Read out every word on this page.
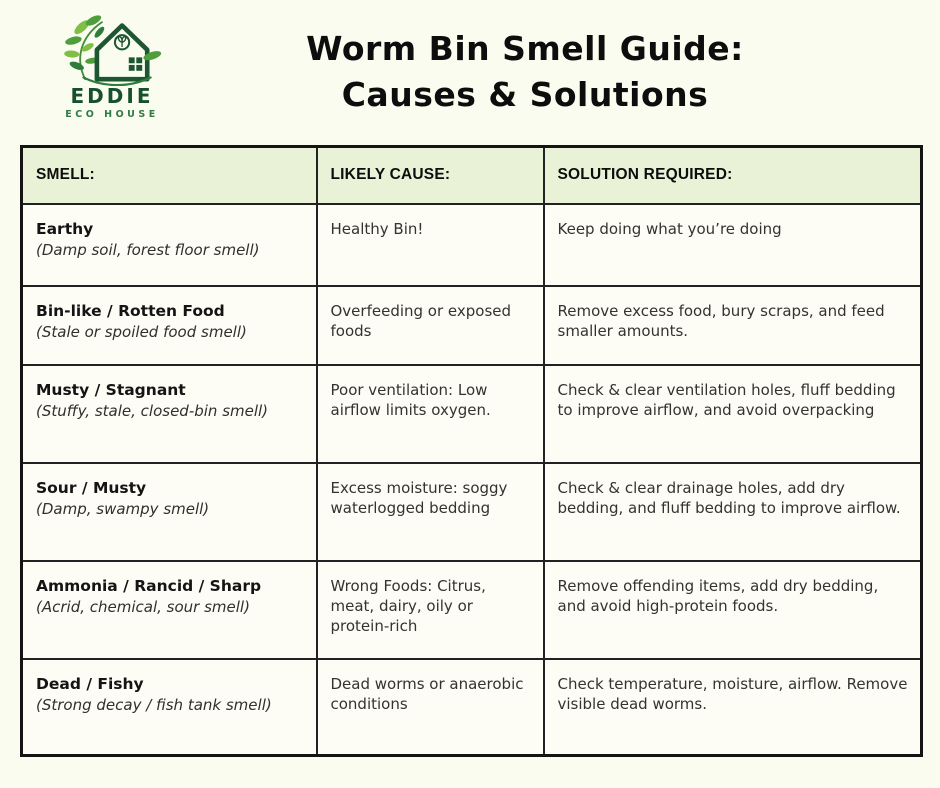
EDDIE
ECO HOUSE
Worm Bin Smell Guide:
Causes & Solutions
SMELL:	LIKELY CAUSE:	SOLUTION REQUIRED:

Earthy
(Damp soil, forest floor smell)	Healthy Bin!	Keep doing what you’re doing

Bin-like / Rotten Food
(Stale or spoiled food smell)	Overfeeding or exposed foods	Remove excess food, bury scraps, and feed smaller amounts.

Musty / Stagnant
(Stuffy, stale, closed-bin smell)	Poor ventilation: Low airflow limits oxygen.	Check & clear ventilation holes, fluff bedding to improve airflow, and avoid overpacking

Sour / Musty
(Damp, swampy smell)	Excess moisture: soggy waterlogged bedding	Check & clear drainage holes, add dry bedding, and fluff bedding to improve airflow.

Ammonia / Rancid / Sharp
(Acrid, chemical, sour smell)	Wrong Foods: Citrus, meat, dairy, oily or protein-rich	Remove offending items, add dry bedding, and avoid high-protein foods.

Dead / Fishy
(Strong decay / fish tank smell)	Dead worms or anaerobic conditions	Check temperature, moisture, airflow. Remove visible dead worms.
